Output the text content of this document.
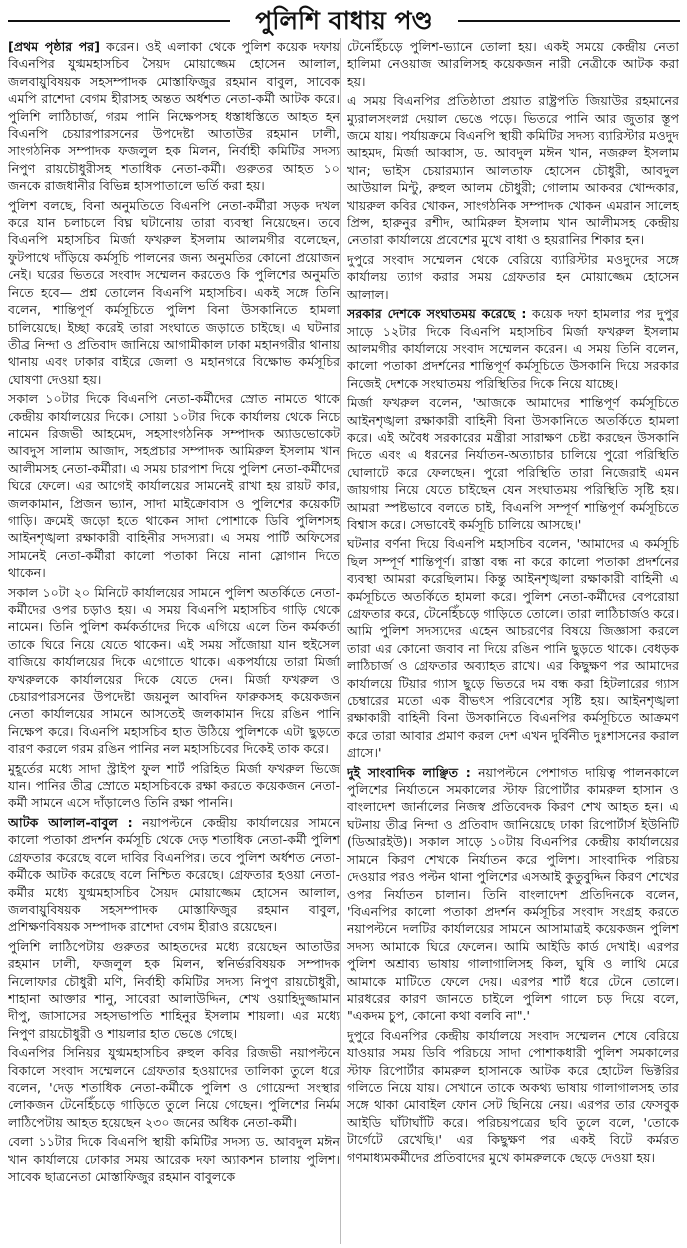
পুলিশি বাধায় পণ্ড

[প্রথম পৃষ্ঠার পর] করেন। ওই এলাকা থেকে পুলিশ কয়েক দফায় বিএনপির যুগ্মমহাসচিব সৈয়দ মোয়াজ্জেম হোসেন আলাল, জলবায়ুবিষয়ক সহসম্পাদক মোস্তাফিজুর রহমান বাবুল, সাবেক এমপি রাশেদা বেগম হীরাসহ অন্তত অর্ধশত নেতা-কর্মী আটক করে। পুলিশি লাঠিচার্জ, গরম পানি নিক্ষেপসহ ধস্তাধস্তিতে আহত হন বিএনপি চেয়ারপারসনের উপদেষ্টা আতাউর রহমান ঢালী, সাংগঠনিক সম্পাদক ফজলুল হক মিলন, নির্বাহী কমিটির সদস্য নিপুণ রায়চৌধুরীসহ শতাধিক নেতা-কর্মী। গুরুতর আহত ১০ জনকে রাজধানীর বিভিন্ন হাসপাতালে ভর্তি করা হয়।

পুলিশ বলছে, বিনা অনুমতিতে বিএনপি নেতা-কর্মীরা সড়ক দখল করে যান চলাচলে বিঘ্ন ঘটানোয় তারা ব্যবস্থা নিয়েছেন। তবে বিএনপি মহাসচিব মির্জা ফখরুল ইসলাম আলমগীর বলেছেন, ফুটপাথে দাঁড়িয়ে কর্মসূচি পালনের জন্য অনুমতির কোনো প্রয়োজন নেই। ঘরের ভিতরে সংবাদ সম্মেলন করতেও কি পুলিশের অনুমতি নিতে হবে— প্রশ্ন তোলেন বিএনপি মহাসচিব। একই সঙ্গে তিনি বলেন, শান্তিপূর্ণ কর্মসূচিতে পুলিশ বিনা উসকানিতে হামলা চালিয়েছে। ইচ্ছা করেই তারা সংঘাতে জড়াতে চাইছে। এ ঘটনার তীব্র নিন্দা ও প্রতিবাদ জানিয়ে আগামীকাল ঢাকা মহানগরীর থানায় থানায় এবং ঢাকার বাইরে জেলা ও মহানগরে বিক্ষোভ কর্মসূচির ঘোষণা দেওয়া হয়।

সকাল ১০টার দিকে বিএনপি নেতা-কর্মীদের স্রোত নামতে থাকে কেন্দ্রীয় কার্যালয়ের দিকে। সোয়া ১০টার দিকে কার্যালয় থেকে নিচে নামেন রিজভী আহমেদ, সহসাংগঠনিক সম্পাদক অ্যাডভোকেট আবদুস সালাম আজাদ, সহপ্রচার সম্পাদক আমিরুল ইসলাম খান আলীমসহ নেতা-কর্মীরা। এ সময় চারপাশ দিয়ে পুলিশ নেতা-কর্মীদের ঘিরে ফেলে। এর আগেই কার্যালয়ের সামনেই রাখা হয় রায়ট কার, জলকামান, প্রিজন ভ্যান, সাদা মাইক্রোবাস ও পুলিশের কয়েকটি গাড়ি। ক্রমেই জড়ো হতে থাকেন সাদা পোশাকে ডিবি পুলিশসহ আইনশৃঙ্খলা রক্ষাকারী বাহিনীর সদস্যরা। এ সময় পার্টি অফিসের সামনেই নেতা-কর্মীরা কালো পতাকা নিয়ে নানা স্লোগান দিতে থাকেন।

সকাল ১০টা ২০ মিনিটে কার্যালয়ের সামনে পুলিশ অতর্কিতে নেতা-কর্মীদের ওপর চড়াও হয়। এ সময় বিএনপি মহাসচিব গাড়ি থেকে নামেন। তিনি পুলিশ কর্মকর্তাদের দিকে এগিয়ে এলে তিন কর্মকর্তা তাকে ঘিরে নিয়ে যেতে থাকেন। এই সময় সাঁজোয়া যান হুইসেল বাজিয়ে কার্যালয়ের দিকে এগোতে থাকে। একপর্যায়ে তারা মির্জা ফখরুলকে কার্যালয়ের দিকে যেতে দেন। মির্জা ফখরুল ও চেয়ারপারসনের উপদেষ্টা জয়নুল আবদিন ফারুকসহ কয়েকজন নেতা কার্যালয়ের সামনে আসতেই জলকামান দিয়ে রঙিন পানি নিক্ষেপ করে। বিএনপি মহাসচিব হাত উঠিয়ে পুলিশকে এটা ছুড়তে বারণ করলে গরম রঙিন পানির নল মহাসচিবের দিকেই তাক করে।

মুহূর্তের মধ্যে সাদা স্ট্রাইপ ফুল শার্ট পরিহিত মির্জা ফখরুল ভিজে যান। পানির তীব্র স্রোতে মহাসচিবকে রক্ষা করতে কয়েকজন নেতা-কর্মী সামনে এসে দাঁড়ালেও তিনি রক্ষা পাননি।

আটক আলাল-বাবুল : নয়াপল্টনে কেন্দ্রীয় কার্যালয়ের সামনে কালো পতাকা প্রদর্শন কর্মসূচি থেকে দেড় শতাধিক নেতা-কর্মী পুলিশ গ্রেফতার করেছে বলে দাবির বিএনপির। তবে পুলিশ অর্ধশত নেতা-কর্মীকে আটক করেছে বলে নিশ্চিত করেছে। গ্রেফতার হওয়া নেতা-কর্মীর মধ্যে যুগ্মমহাসচিব সৈয়দ মোয়াজ্জেম হোসেন আলাল, জলবায়ুবিষয়ক সহসম্পাদক মোস্তাফিজুর রহমান বাবুল, প্রশিক্ষণবিষয়ক সম্পাদক রাশেদা বেগম হীরাও রয়েছেন।

পুলিশি লাঠিপেটায় গুরুতর আহতদের মধ্যে রয়েছেন আতাউর রহমান ঢালী, ফজলুল হক মিলন, স্বনির্ভরবিষয়ক সম্পাদক নিলোফার চৌধুরী মণি, নির্বাহী কমিটির সদস্য নিপুণ রায়চৌধুরী, শাহানা আক্তার শানু, সাবেরা আলাউদ্দিন, শেখ ওয়াহিদুজ্জামান দীপু, জাসাসের সহসভাপতি শাহিনুর ইসলাম শায়লা। এর মধ্যে নিপুণ রায়চৌধুরী ও শায়লার হাত ভেঙে গেছে।

বিএনপির সিনিয়র যুগ্মমহাসচিব রুহুল কবির রিজভী নয়াপল্টনে বিকালে সংবাদ সম্মেলনে গ্রেফতার হওয়াদের তালিকা তুলে ধরে বলেন, 'দেড় শতাধিক নেতা-কর্মীকে পুলিশ ও গোয়েন্দা সংস্থার লোকজন টেনেহিঁচড়ে গাড়িতে তুলে নিয়ে গেছেন। পুলিশের নির্মম লাঠিপেটায় আহত হয়েছেন ২৩০ জনের অধিক নেতা-কর্মী।

বেলা ১১টার দিকে বিএনপি স্থায়ী কমিটির সদস্য ড. আবদুল মঈন খান কার্যালয়ে ঢোকার সময় আরেক দফা অ্যাকশন চালায় পুলিশ। সাবেক ছাত্রনেতা মোস্তাফিজুর রহমান বাবুলকে

টেনেহিঁচড়ে পুলিশ-ভ্যানে তোলা হয়। একই সময়ে কেন্দ্রীয় নেতা হালিমা নেওয়াজ আরলিসহ কয়েকজন নারী নেত্রীকে আটক করা হয়।

এ সময় বিএনপির প্রতিষ্ঠাতা প্রয়াত রাষ্ট্রপতি জিয়াউর রহমানের ম্যুরালসংলগ্ন দেয়াল ভেঙে পড়ে। ভিতরে পানি আর জুতার স্তূপ জমে যায়। পর্যায়ক্রমে বিএনপি স্থায়ী কমিটির সদস্য ব্যারিস্টার মওদুদ আহমদ, মির্জা আব্বাস, ড. আবদুল মঈন খান, নজরুল ইসলাম খান; ভাইস চেয়ারম্যান আলতাফ হোসেন চৌধুরী, আবদুল আউয়াল মিন্টু, রুহুল আলম চৌধুরী; গোলাম আকবর খোন্দকার, খায়রুল কবির খোকন, সাংগঠনিক সম্পাদক খোকন এমরান সালেহ প্রিন্স, হারুনুর রশীদ, আমিরুল ইসলাম খান আলীমসহ কেন্দ্রীয় নেতারা কার্যালয়ে প্রবেশের মুখে বাধা ও হয়রানির শিকার হন।

দুপুরে সংবাদ সম্মেলন থেকে বেরিয়ে ব্যারিস্টার মওদুদের সঙ্গে কার্যালয় ত্যাগ করার সময় গ্রেফতার হন মোয়াজ্জেম হোসেন আলাল।

সরকার দেশকে সংঘাতময় করেছে : কয়েক দফা হামলার পর দুপুর সাড়ে ১২টার দিকে বিএনপি মহাসচিব মির্জা ফখরুল ইসলাম আলমগীর কার্যালয়ে সংবাদ সম্মেলন করেন। এ সময় তিনি বলেন, কালো পতাকা প্রদর্শনের শান্তিপূর্ণ কর্মসূচিতে উসকানি দিয়ে সরকার নিজেই দেশকে সংঘাতময় পরিস্থিতির দিকে নিয়ে যাচ্ছে।

মির্জা ফখরুল বলেন, 'আজকে আমাদের শান্তিপূর্ণ কর্মসূচিতে আইনশৃঙ্খলা রক্ষাকারী বাহিনী বিনা উসকানিতে অতর্কিতে হামলা করে। এই অবৈধ সরকারের মন্ত্রীরা সারাক্ষণ চেষ্টা করছেন উসকানি দিতে এবং এ ধরনের নির্যাতন-অত্যাচার চালিয়ে পুরো পরিস্থিতি ঘোলাটে করে ফেলছেন। পুরো পরিস্থিতি তারা নিজেরাই এমন জায়গায় নিয়ে যেতে চাইছেন যেন সংঘাতময় পরিস্থিতি সৃষ্টি হয়। আমরা স্পষ্টভাবে বলতে চাই, বিএনপি সম্পূর্ণ শান্তিপূর্ণ কর্মসূচিতে বিশ্বাস করে। সেভাবেই কর্মসূচি চালিয়ে আসছে।'

ঘটনার বর্ণনা দিয়ে বিএনপি মহাসচিব বলেন, 'আমাদের এ কর্মসূচি ছিল সম্পূর্ণ শান্তিপূর্ণ। রাস্তা বন্ধ না করে কালো পতাকা প্রদর্শনের ব্যবস্থা আমরা করেছিলাম। কিন্তু আইনশৃঙ্খলা রক্ষাকারী বাহিনী এ কর্মসূচিতে অতর্কিতে হামলা করে। পুলিশ নেতা-কর্মীদের বেপরোয়া গ্রেফতার করে, টেনেহিঁচড়ে গাড়িতে তোলে। তারা লাঠিচার্জও করে। আমি পুলিশ সদস্যদের এহেন আচরণের বিষয়ে জিজ্ঞাসা করলে তারা এর কোনো জবাব না দিয়ে রঙিন পানি ছুড়তে থাকে। বেধড়ক লাঠিচার্জ ও গ্রেফতার অব্যাহত রাখে। এর কিছুক্ষণ পর আমাদের কার্যালয়ে টিয়ার গ্যাস ছুড়ে ভিতরে দম বন্ধ করা হিটলারের গ্যাস চেম্বারের মতো এক বীভৎস পরিবেশের সৃষ্টি হয়। আইনশৃঙ্খলা রক্ষাকারী বাহিনী বিনা উসকানিতে বিএনপির কর্মসূচিতে আক্রমণ করে তারা আবার প্রমাণ করল দেশ এখন দুর্বিনীত দুঃশাসনের করাল গ্রাসে।'

দুই সাংবাদিক লাঞ্ছিত : নয়াপল্টনে পেশাগত দায়িত্ব পালনকালে পুলিশের নির্যাতনে সমকালের স্টাফ রিপোর্টার কামরুল হাসান ও বাংলাদেশ জার্নালের নিজস্ব প্রতিবেদক কিরণ শেখ আহত হন। এ ঘটনায় তীব্র নিন্দা ও প্রতিবাদ জানিয়েছে ঢাকা রিপোর্টার্স ইউনিটি (ডিআরইউ)। সকাল সাড়ে ১০টায় বিএনপির কেন্দ্রীয় কার্যালয়ের সামনে কিরণ শেখকে নির্যাতন করে পুলিশ। সাংবাদিক পরিচয় দেওয়ার পরও পল্টন থানা পুলিশের এসআই কুতুবুদ্দিন কিরণ শেখের ওপর নির্যাতন চালান। তিনি বাংলাদেশ প্রতিদিনকে বলেন, 'বিএনপির কালো পতাকা প্রদর্শন কর্মসূচির সংবাদ সংগ্রহ করতে নয়াপল্টনে দলটির কার্যালয়ের সামনে আসামাত্রই কয়েকজন পুলিশ সদস্য আমাকে ঘিরে ফেলেন। আমি আইডি কার্ড দেখাই। এরপর পুলিশ অশ্রাব্য ভাষায় গালাগালিসহ কিল, ঘুষি ও লাথি মেরে আমাকে মাটিতে ফেলে দেয়। এরপর শার্ট ধরে টেনে তোলে। মারধরের কারণ জানতে চাইলে পুলিশ গালে চড় দিয়ে বলে, "একদম চুপ, কোনো কথা বলবি না".'

দুপুরে বিএনপির কেন্দ্রীয় কার্যালয়ে সংবাদ সম্মেলন শেষে বেরিয়ে যাওয়ার সময় ডিবি পরিচয়ে সাদা পোশাকধারী পুলিশ সমকালের স্টাফ রিপোর্টার কামরুল হাসানকে আটক করে হোটেল ভিক্টরির গলিতে নিয়ে যায়। সেখানে তাকে অকথ্য ভাষায় গালাগালসহ তার সঙ্গে থাকা মোবাইল ফোন সেট ছিনিয়ে নেয়। এরপর তার ফেসবুক আইডি ঘাঁটাঘাঁটি করে। পরিচয়পত্রের ছবি তুলে বলে, 'তোকে টার্গেটে রেখেছি।' এর কিছুক্ষণ পর একই বিটে কর্মরত গণমাধ্যমকর্মীদের প্রতিবাদের মুখে কামরুলকে ছেড়ে দেওয়া হয়।
